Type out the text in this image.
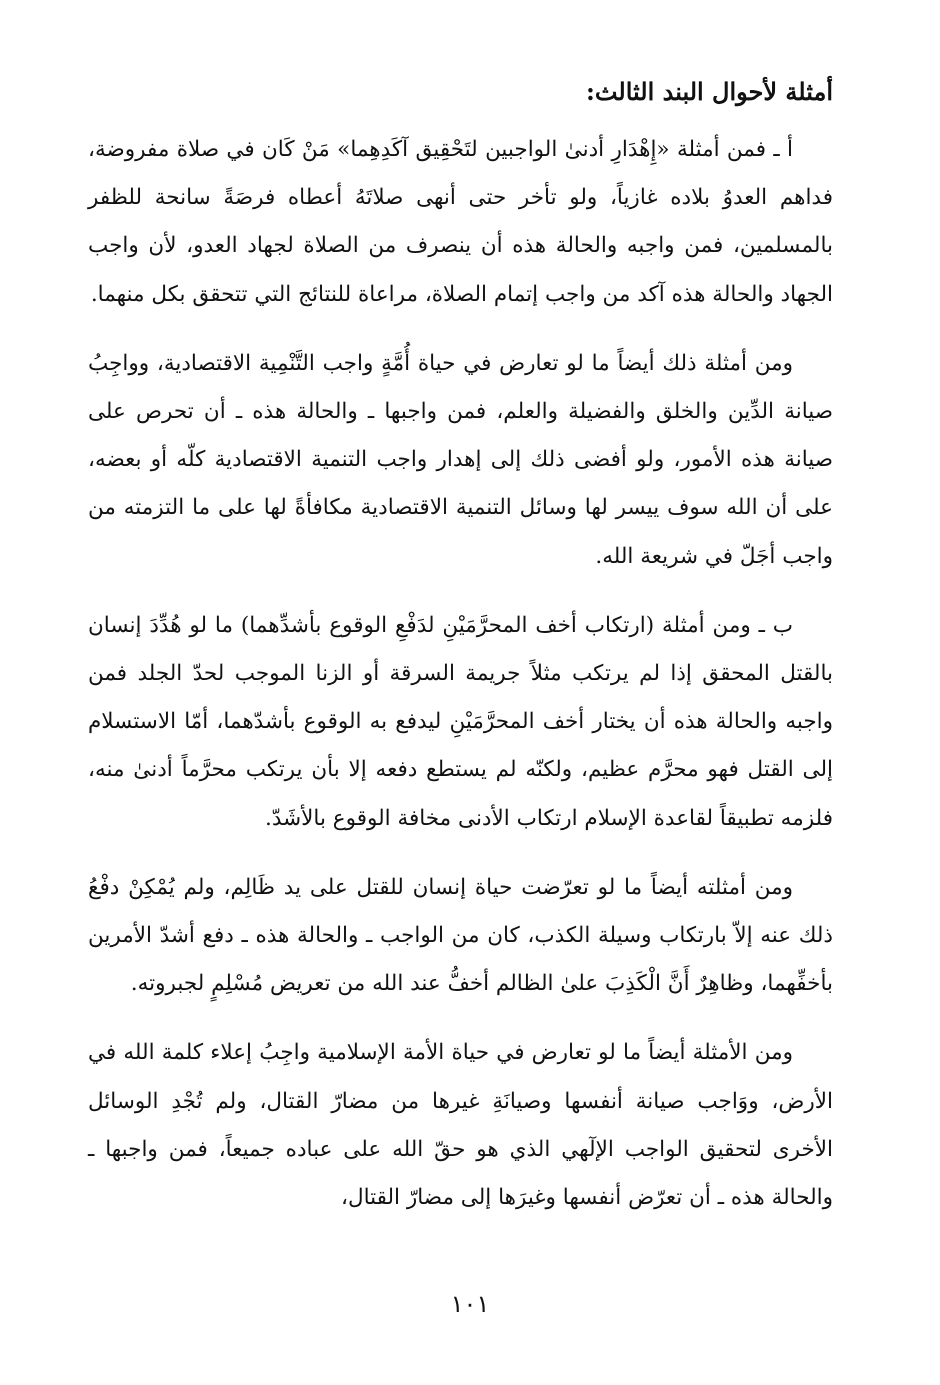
أمثلة لأحوال البند الثالث:

أ ـ فمن أمثلة «إِهْدَارِ أدنىٰ الواجبين لتَحْقِيق آكَدِهِما» مَنْ كَان في صلاة مفروضة، فداهم العدوُ بلاده غازياً، ولو تأخر حتى أنهى صلاتَهُ أعطاه فرصَةً سانحة للظفر بالمسلمين، فمن واجبه والحالة هذه أن ينصرف من الصلاة لجهاد العدو، لأن واجب الجهاد والحالة هذه آكد من واجب إتمام الصلاة، مراعاة للنتائج التي تتحقق بكل منهما.

ومن أمثلة ذلك أيضاً ما لو تعارض في حياة أُمَّةٍ واجب التَّنْمِية الاقتصادية، وواجِبُ صيانة الدِّين والخلق والفضيلة والعلم، فمن واجبها ـ والحالة هذه ـ أن تحرص على صيانة هذه الأمور، ولو أفضى ذلك إلى إهدار واجب التنمية الاقتصادية كلّه أو بعضه، على أن الله سوف ييسر لها وسائل التنمية الاقتصادية مكافأةً لها على ما التزمته من واجب أجَلّ في شريعة الله.

ب ـ ومن أمثلة (ارتكاب أخف المحرَّمَيْنِ لدَفْعِ الوقوع بأشدِّهما) ما لو هُدِّدَ إنسان بالقتل المحقق إذا لم يرتكب مثلاً جريمة السرقة أو الزنا الموجب لحدّ الجلد فمن واجبه والحالة هذه أن يختار أخف المحرَّمَيْنِ ليدفع به الوقوع بأشدّهما، أمّا الاستسلام إلى القتل فهو محرَّم عظيم، ولكنّه لم يستطع دفعه إلا بأن يرتكب محرَّماً أدنىٰ منه، فلزمه تطبيقاً لقاعدة الإسلام ارتكاب الأدنى مخافة الوقوع بالأشَدّ.

ومن أمثلته أيضاً ما لو تعرّضت حياة إنسان للقتل على يد ظَالِم، ولم يُمْكِنْ دفْعُ ذلك عنه إلاّ بارتكاب وسيلة الكذب، كان من الواجب ـ والحالة هذه ـ دفع أشدّ الأمرين بأخفِّهما، وظاهِرٌ أَنَّ الْكَذِبَ علىٰ الظالم أخفُّ عند الله من تعريض مُسْلِمٍ لجبروته.

ومن الأمثلة أيضاً ما لو تعارض في حياة الأمة الإسلامية واجِبُ إعلاء كلمة الله في الأرض، ووَاجب صيانة أنفسها وصيانَةِ غيرها من مضارّ القتال، ولم تُجْدِ الوسائل الأخرى لتحقيق الواجب الإلٓهي الذي هو حقّ الله على عباده جميعاً، فمن واجبها ـ والحالة هذه ـ أن تعرّض أنفسها وغيرَها إلى مضارّ القتال،

١٠١
